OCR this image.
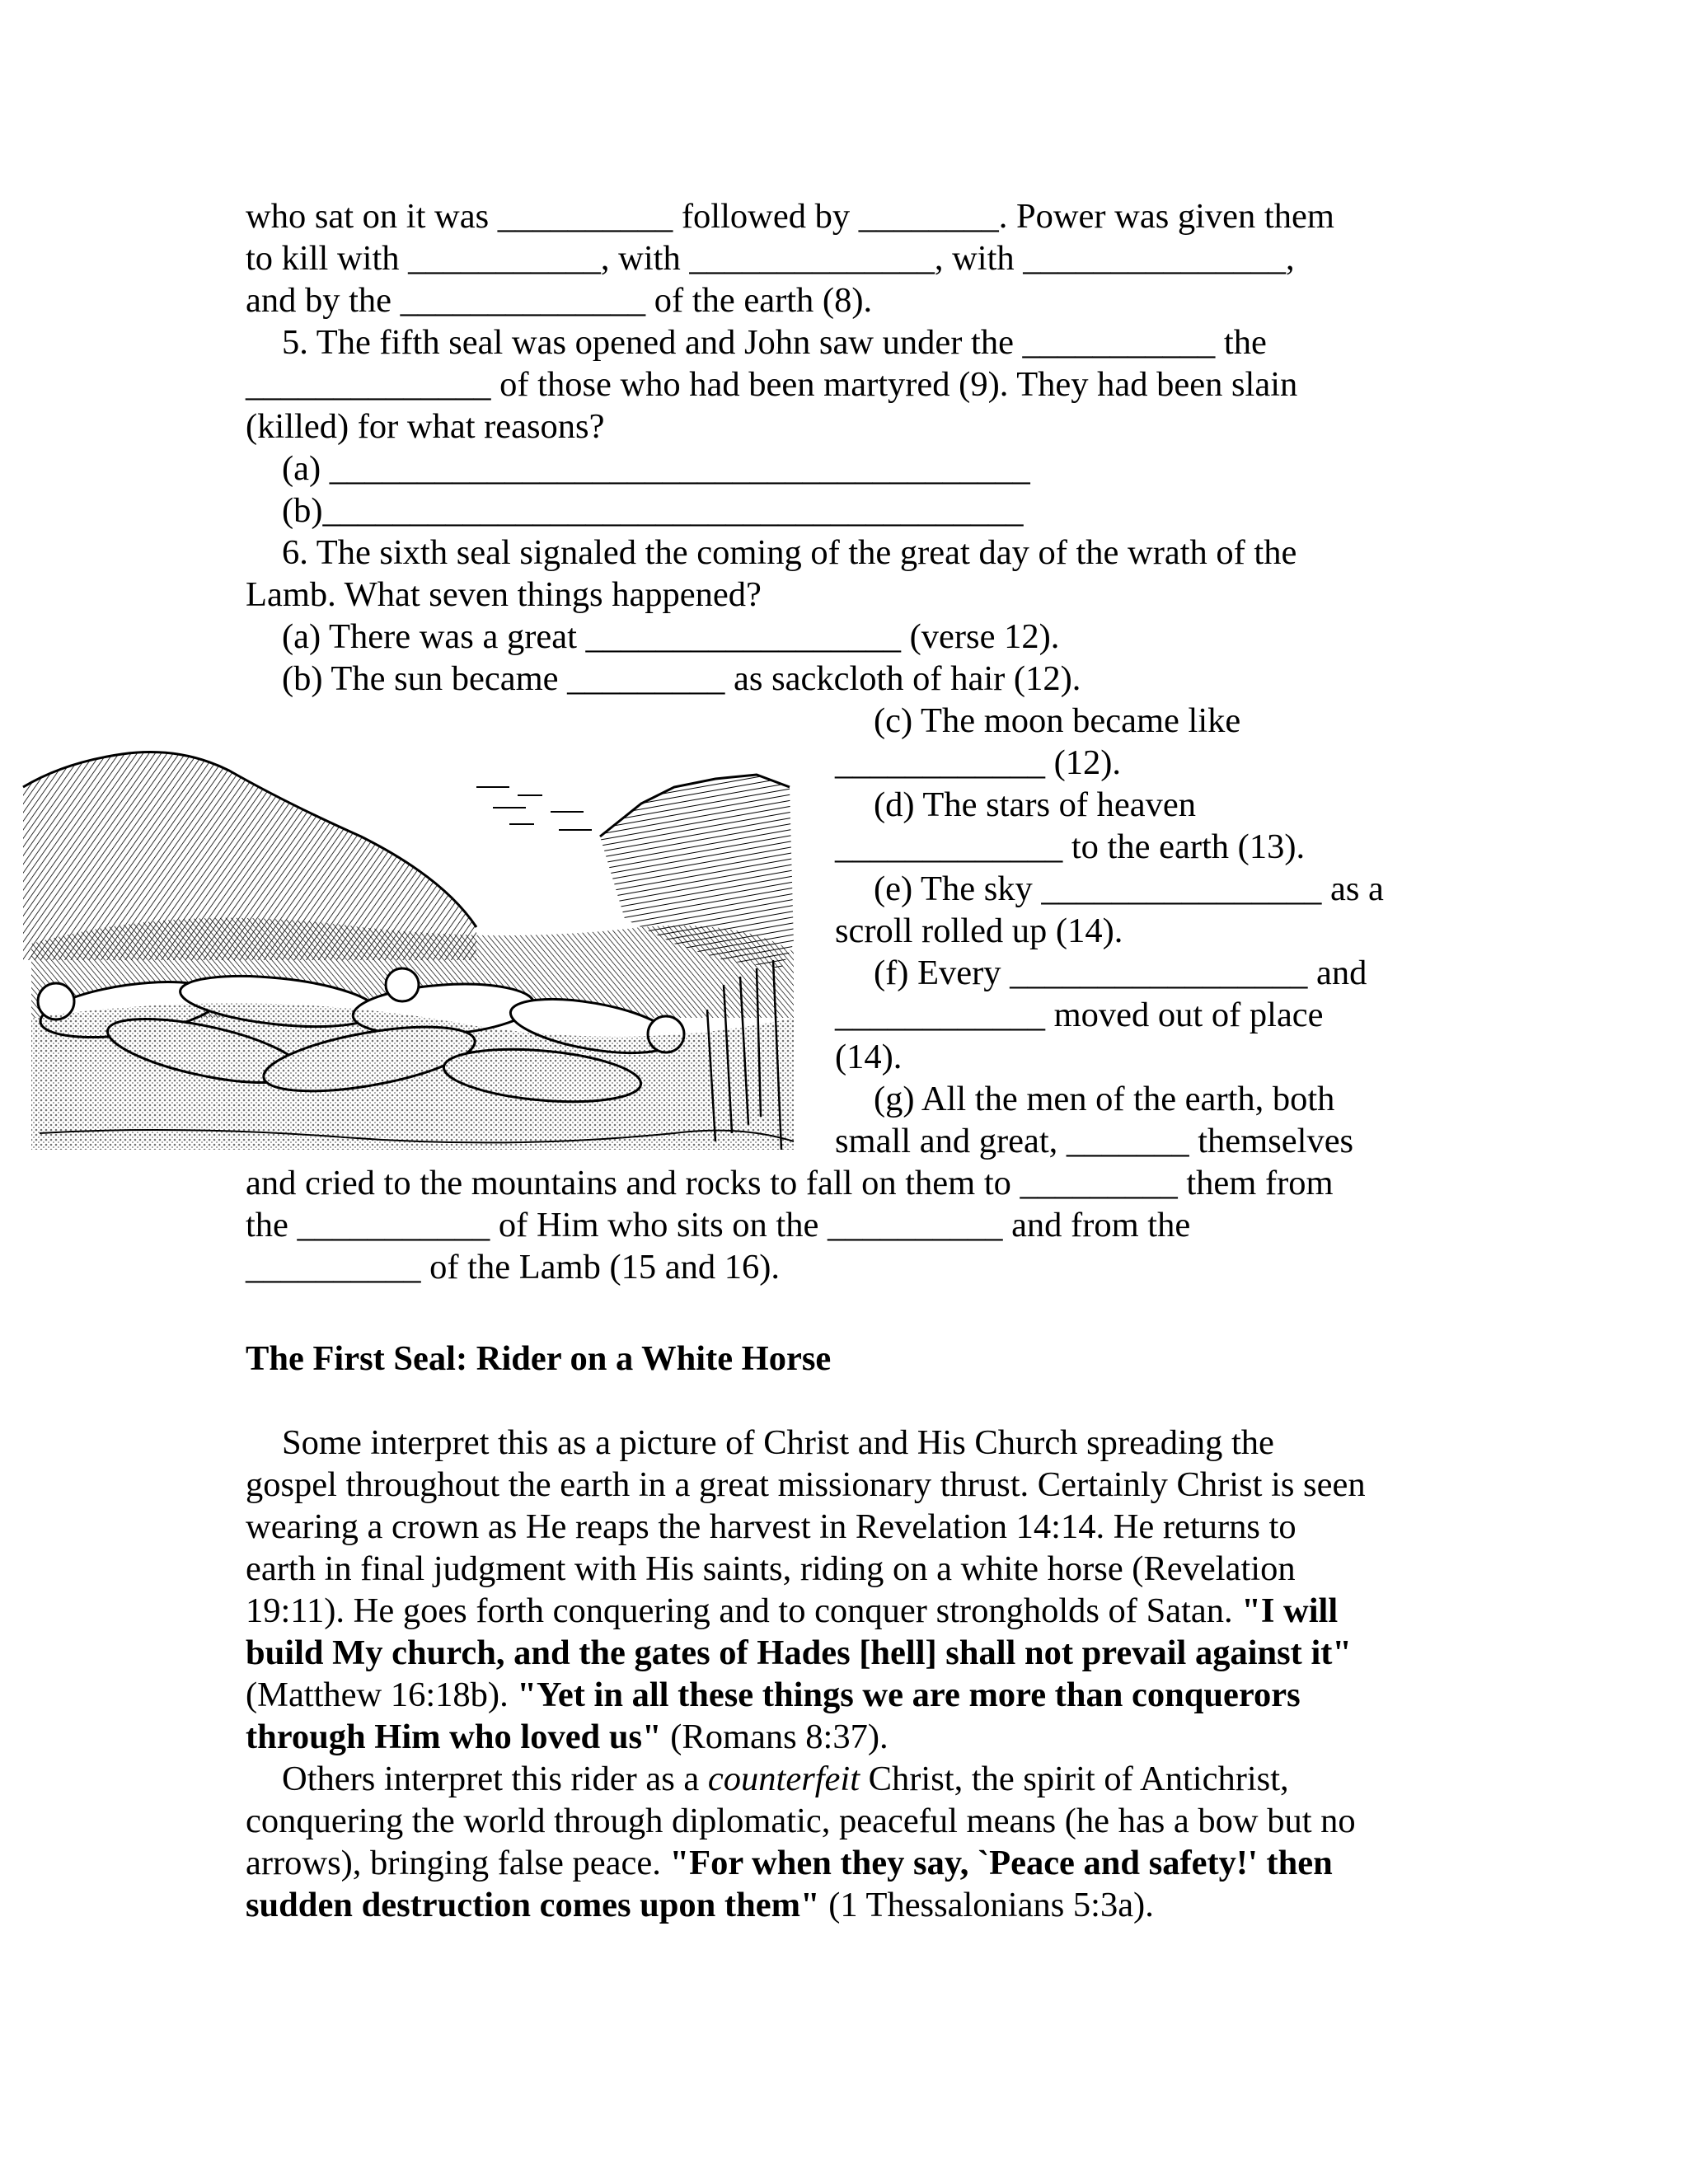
who sat on it was __________ followed by ________. Power was given them

to kill with ___________, with ______________, with _______________,

and by the ______________ of the earth (8).

5. The fifth seal was opened and John saw under the ___________ the

______________ of those who had been martyred (9). They had been slain

(killed) for what reasons?

(a) ________________________________________

(b)________________________________________

6. The sixth seal signaled the coming of the great day of the wrath of the

Lamb. What seven things happened?

(a) There was a great __________________ (verse 12).

(b) The sun became _________ as sackcloth of hair (12).

(c) The moon became like

____________ (12).

(d) The stars of heaven

_____________ to the earth (13).

(e) The sky ________________ as a

scroll rolled up (14).

(f) Every _________________ and

____________ moved out of place

(14).

(g) All the men of the earth, both

small and great, _______ themselves

and cried to the mountains and rocks to fall on them to _________ them from

the ___________ of Him who sits on the __________ and from the

__________ of the Lamb (15 and 16).

The First Seal: Rider on a White Horse

Some interpret this as a picture of Christ and His Church spreading the

gospel throughout the earth in a great missionary thrust. Certainly Christ is seen

wearing a crown as He reaps the harvest in Revelation 14:14. He returns to

earth in final judgment with His saints, riding on a white horse (Revelation

19:11). He goes forth conquering and to conquer strongholds of Satan. "I will

build My church, and the gates of Hades [hell] shall not prevail against it"

(Matthew 16:18b). "Yet in all these things we are more than conquerors

through Him who loved us" (Romans 8:37).

Others interpret this rider as a counterfeit Christ, the spirit of Antichrist,

conquering the world through diplomatic, peaceful means (he has a bow but no

arrows), bringing false peace. "For when they say, `Peace and safety!' then

sudden destruction comes upon them" (1 Thessalonians 5:3a).
